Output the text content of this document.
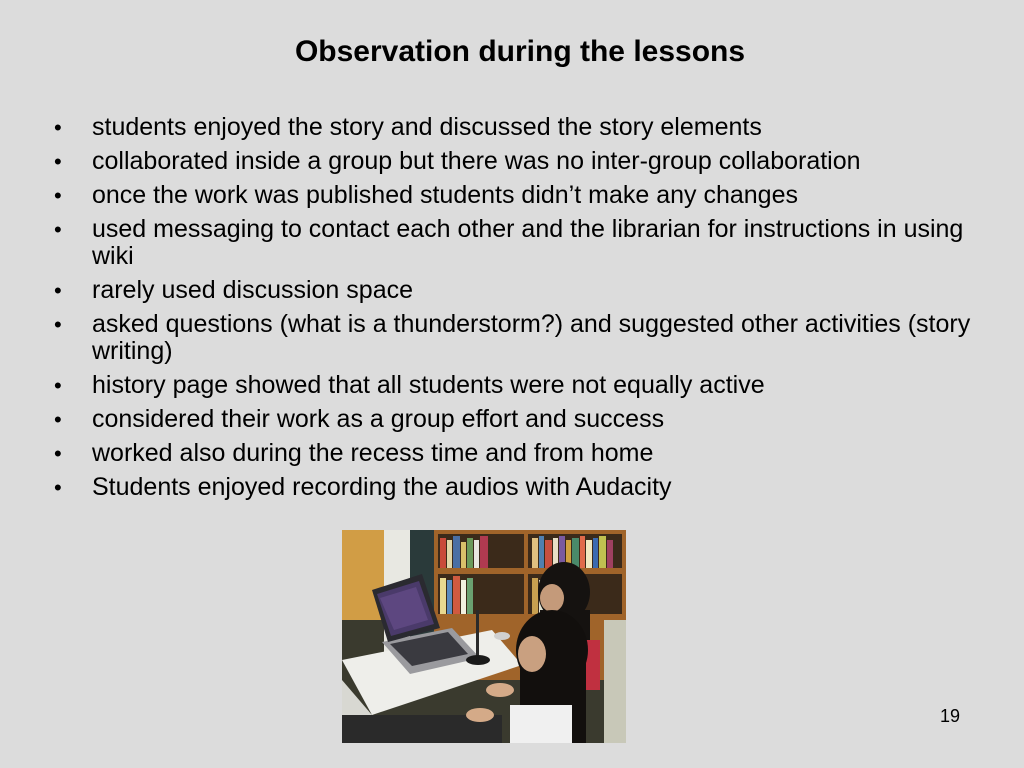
Observation during the lessons
• students enjoyed the story and discussed the story elements
• collaborated inside a group but there was no inter-group collaboration
• once the work was published students didn’t make any changes
• used messaging to contact each other and the librarian for instructions in using wiki
• rarely used discussion space
• asked questions (what is a thunderstorm?) and suggested other activities (story writing)
• history page showed that all students were not equally active
• considered their work as a group effort and success
• worked also during the recess time and from home
• Students enjoyed recording the audios with Audacity
19
